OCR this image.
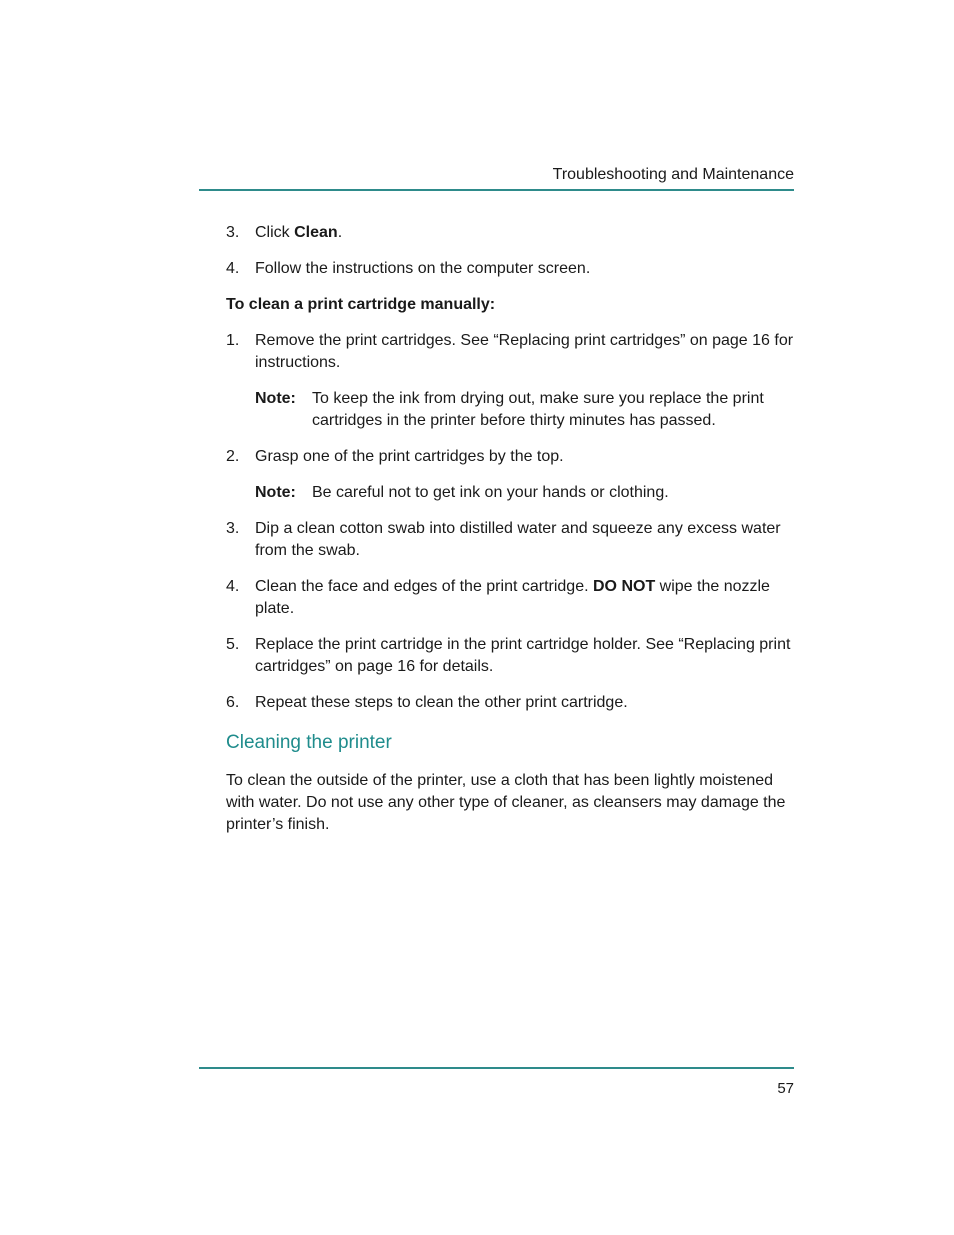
Troubleshooting and Maintenance
3. Click Clean.
4. Follow the instructions on the computer screen.
To clean a print cartridge manually:
1. Remove the print cartridges. See “Replacing print cartridges” on page 16 for instructions.
Note: To keep the ink from drying out, make sure you replace the print cartridges in the printer before thirty minutes has passed.
2. Grasp one of the print cartridges by the top.
Note: Be careful not to get ink on your hands or clothing.
3. Dip a clean cotton swab into distilled water and squeeze any excess water from the swab.
4. Clean the face and edges of the print cartridge. DO NOT wipe the nozzle plate.
5. Replace the print cartridge in the print cartridge holder. See “Replacing print cartridges” on page 16 for details.
6. Repeat these steps to clean the other print cartridge.
Cleaning the printer

To clean the outside of the printer, use a cloth that has been lightly moistened with water. Do not use any other type of cleaner, as cleansers may damage the printer’s finish.

57
